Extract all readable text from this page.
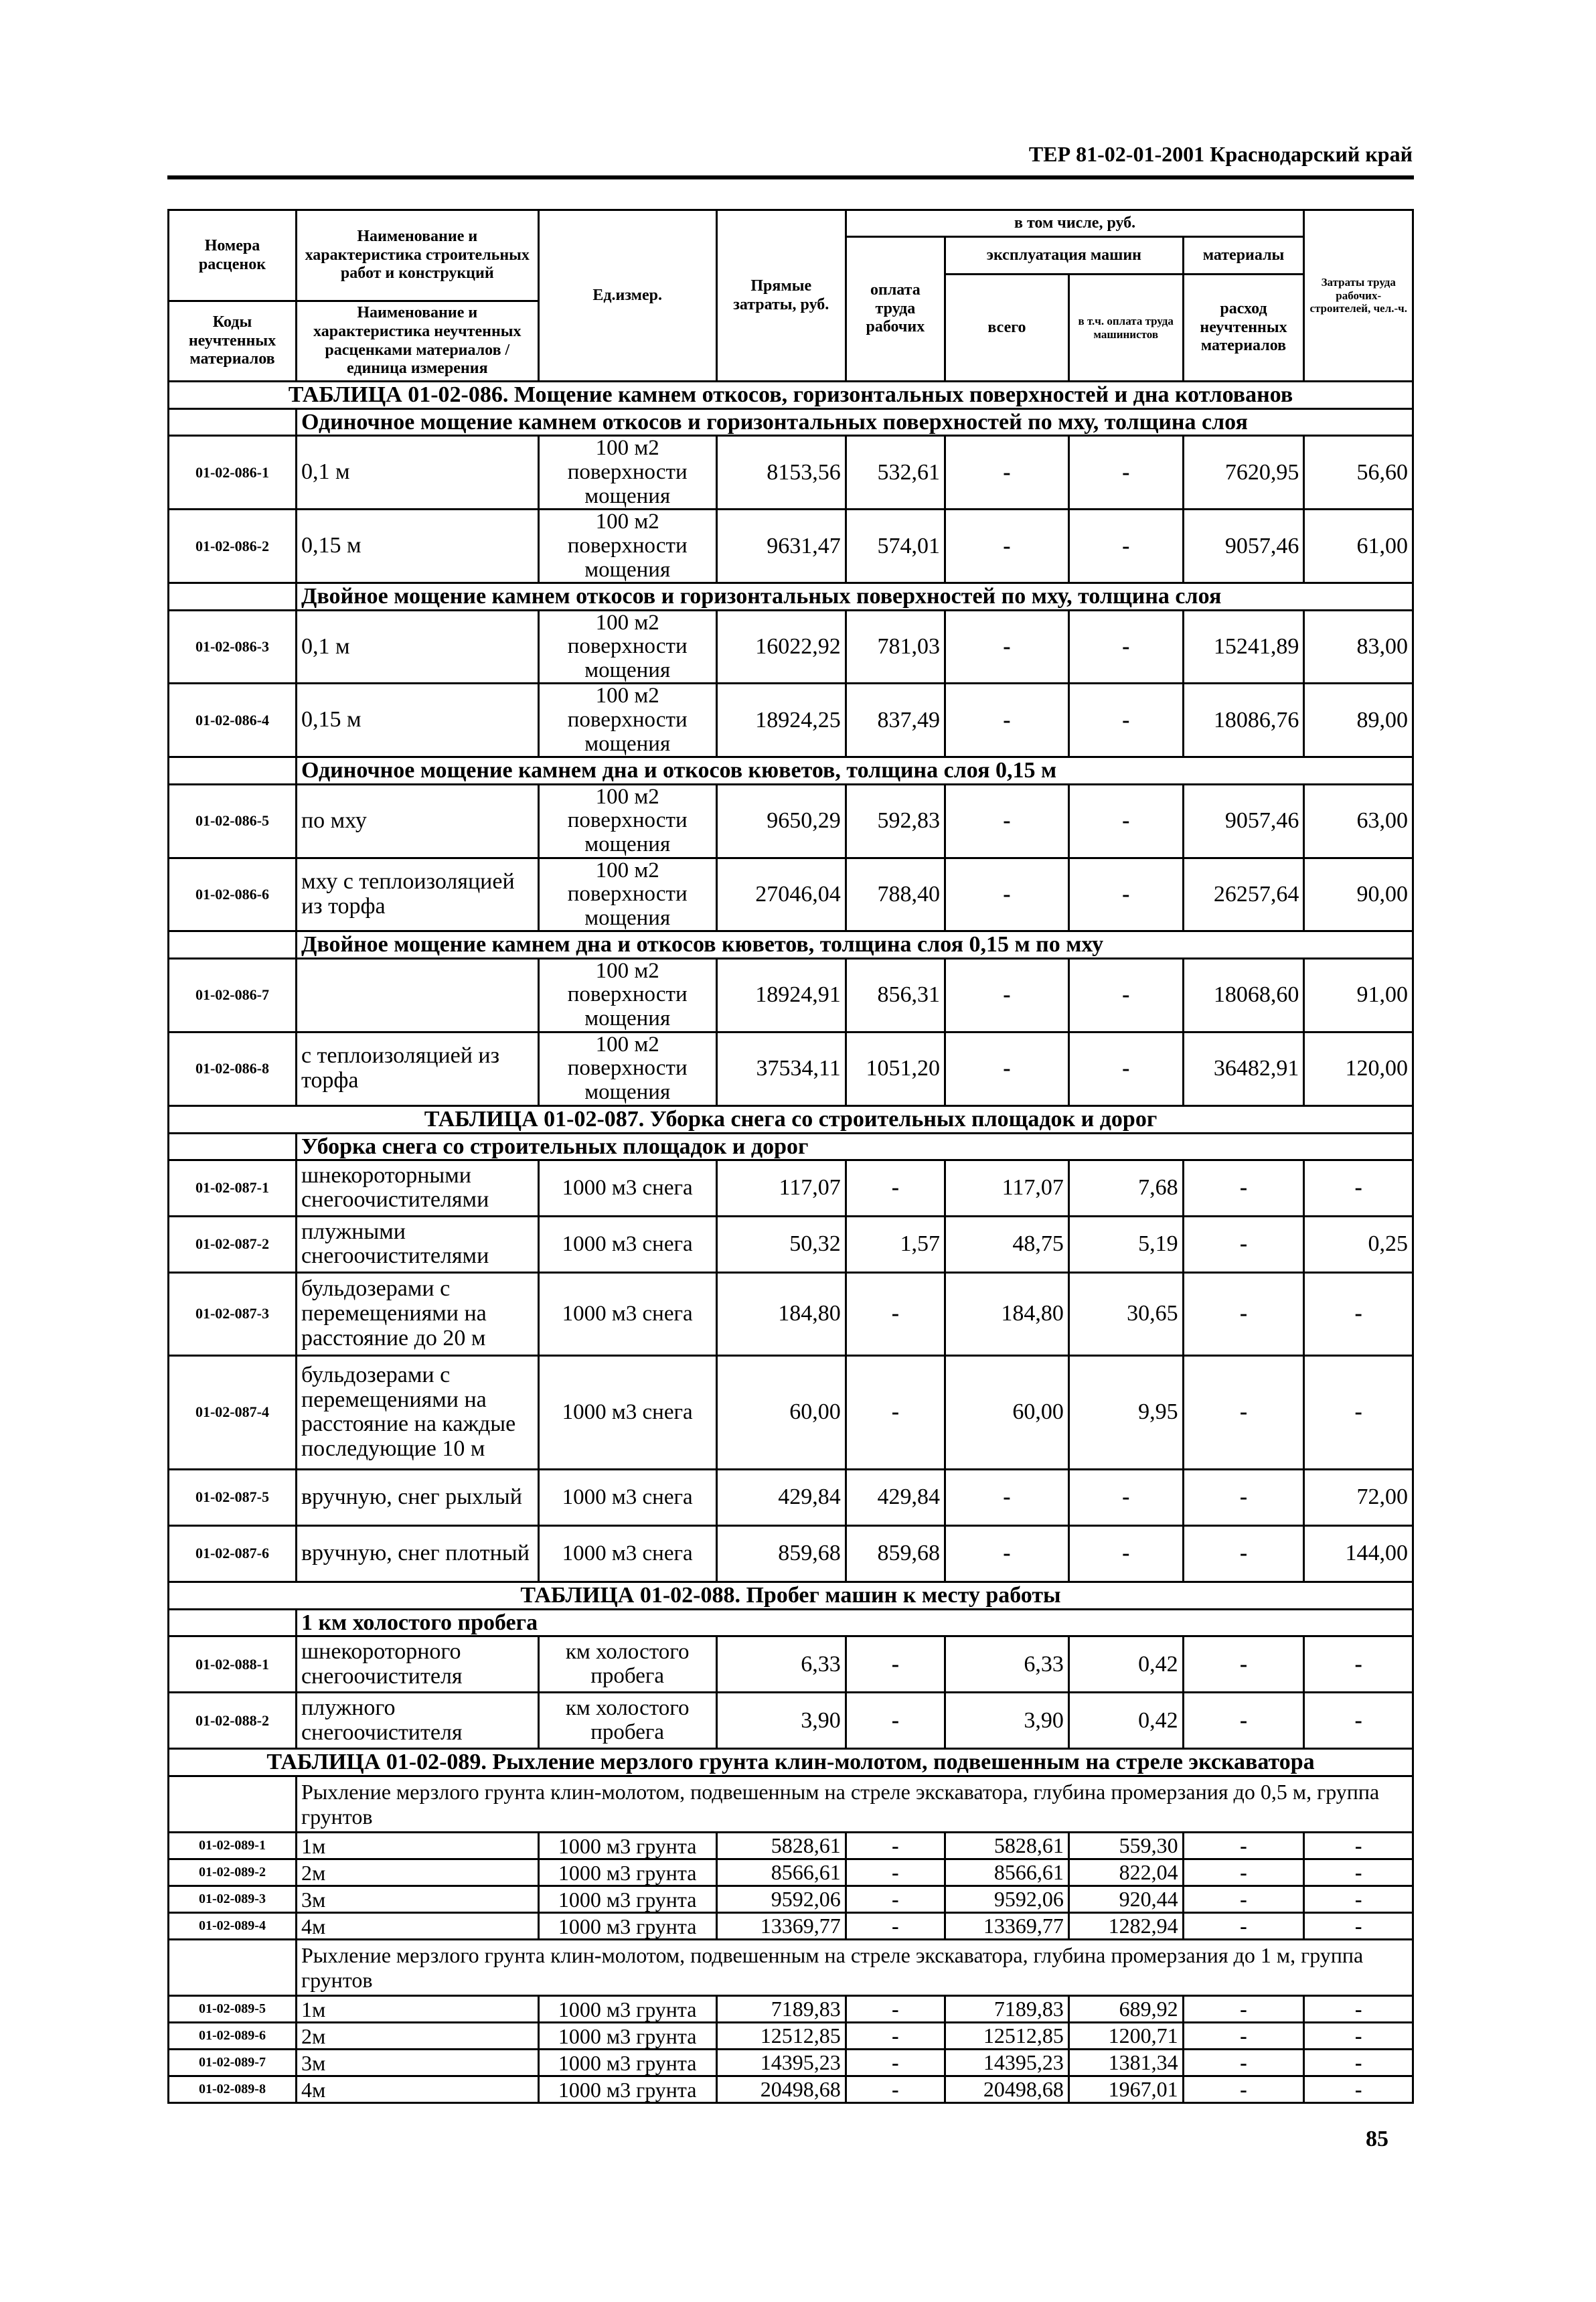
ТЕР 81-02-01-2001 Краснодарский край
Номера расценок	Наименование и характеристика строительных работ и конструкций	Ед.измер.	Прямые затраты, руб.	в том числе, руб.				Затраты труда рабочих-строителей, чел.-ч.
				оплата труда рабочих	эксплуатация машин		материалы	
					всего	в т.ч. оплата труда машинистов	расход неучтенных материалов	
Коды неучтенных материалов	Наименование и характеристика неучтенных расценками материалов / единица измерения							

ТАБЛИЦА 01-02-086. Мощение камнем откосов, горизонтальных поверхностей и дна котлованов								
	Одиночное мощение камнем откосов и горизонтальных поверхностей по мху, толщина слоя							
01-02-086-1	0,1 м	100 м2 поверхности мощения	8153,56	532,61	-	-	7620,95	56,60
01-02-086-2	0,15 м	100 м2 поверхности мощения	9631,47	574,01	-	-	9057,46	61,00
	Двойное мощение камнем откосов и горизонтальных поверхностей по мху, толщина слоя							
01-02-086-3	0,1 м	100 м2 поверхности мощения	16022,92	781,03	-	-	15241,89	83,00
01-02-086-4	0,15 м	100 м2 поверхности мощения	18924,25	837,49	-	-	18086,76	89,00
	Одиночное мощение камнем дна и откосов кюветов, толщина слоя 0,15 м							
01-02-086-5	по мху	100 м2 поверхности мощения	9650,29	592,83	-	-	9057,46	63,00
01-02-086-6	мху с теплоизоляцией из торфа	100 м2 поверхности мощения	27046,04	788,40	-	-	26257,64	90,00
	Двойное мощение камнем дна и откосов кюветов, толщина слоя 0,15 м по мху							
01-02-086-7		100 м2 поверхности мощения	18924,91	856,31	-	-	18068,60	91,00
01-02-086-8	с теплоизоляцией из торфа	100 м2 поверхности мощения	37534,11	1051,20	-	-	36482,91	120,00
ТАБЛИЦА 01-02-087. Уборка снега со строительных площадок и дорог								
	Уборка снега со строительных площадок и дорог							
01-02-087-1	шнекороторными снегоочистителями	1000 м3 снега	117,07	-	117,07	7,68	-	-
01-02-087-2	плужными снегоочистителями	1000 м3 снега	50,32	1,57	48,75	5,19	-	0,25
01-02-087-3	бульдозерами с перемещениями на расстояние до 20 м	1000 м3 снега	184,80	-	184,80	30,65	-	-
01-02-087-4	бульдозерами с перемещениями на расстояние на каждые последующие 10 м	1000 м3 снега	60,00	-	60,00	9,95	-	-
01-02-087-5	вручную, снег рыхлый	1000 м3 снега	429,84	429,84	-	-	-	72,00
01-02-087-6	вручную, снег плотный	1000 м3 снега	859,68	859,68	-	-	-	144,00
ТАБЛИЦА 01-02-088. Пробег машин к месту работы								
	1 км холостого пробега							
01-02-088-1	шнекороторного снегоочистителя	км холостого пробега	6,33	-	6,33	0,42	-	-
01-02-088-2	плужного снегоочистителя	км холостого пробега	3,90	-	3,90	0,42	-	-
ТАБЛИЦА 01-02-089. Рыхление мерзлого грунта клин-молотом, подвешенным на стреле экскаватора								
	Рыхление мерзлого грунта клин-молотом, подвешенным на стреле экскаватора, глубина промерзания до 0,5 м, группа грунтов							
01-02-089-1	1м	1000 м3 грунта	5828,61	-	5828,61	559,30	-	-
01-02-089-2	2м	1000 м3 грунта	8566,61	-	8566,61	822,04	-	-
01-02-089-3	3м	1000 м3 грунта	9592,06	-	9592,06	920,44	-	-
01-02-089-4	4м	1000 м3 грунта	13369,77	-	13369,77	1282,94	-	-
	Рыхление мерзлого грунта клин-молотом, подвешенным на стреле экскаватора, глубина промерзания до 1 м, группа грунтов							
01-02-089-5	1м	1000 м3 грунта	7189,83	-	7189,83	689,92	-	-
01-02-089-6	2м	1000 м3 грунта	12512,85	-	12512,85	1200,71	-	-
01-02-089-7	3м	1000 м3 грунта	14395,23	-	14395,23	1381,34	-	-
01-02-089-8	4м	1000 м3 грунта	20498,68	-	20498,68	1967,01	-	-
85
